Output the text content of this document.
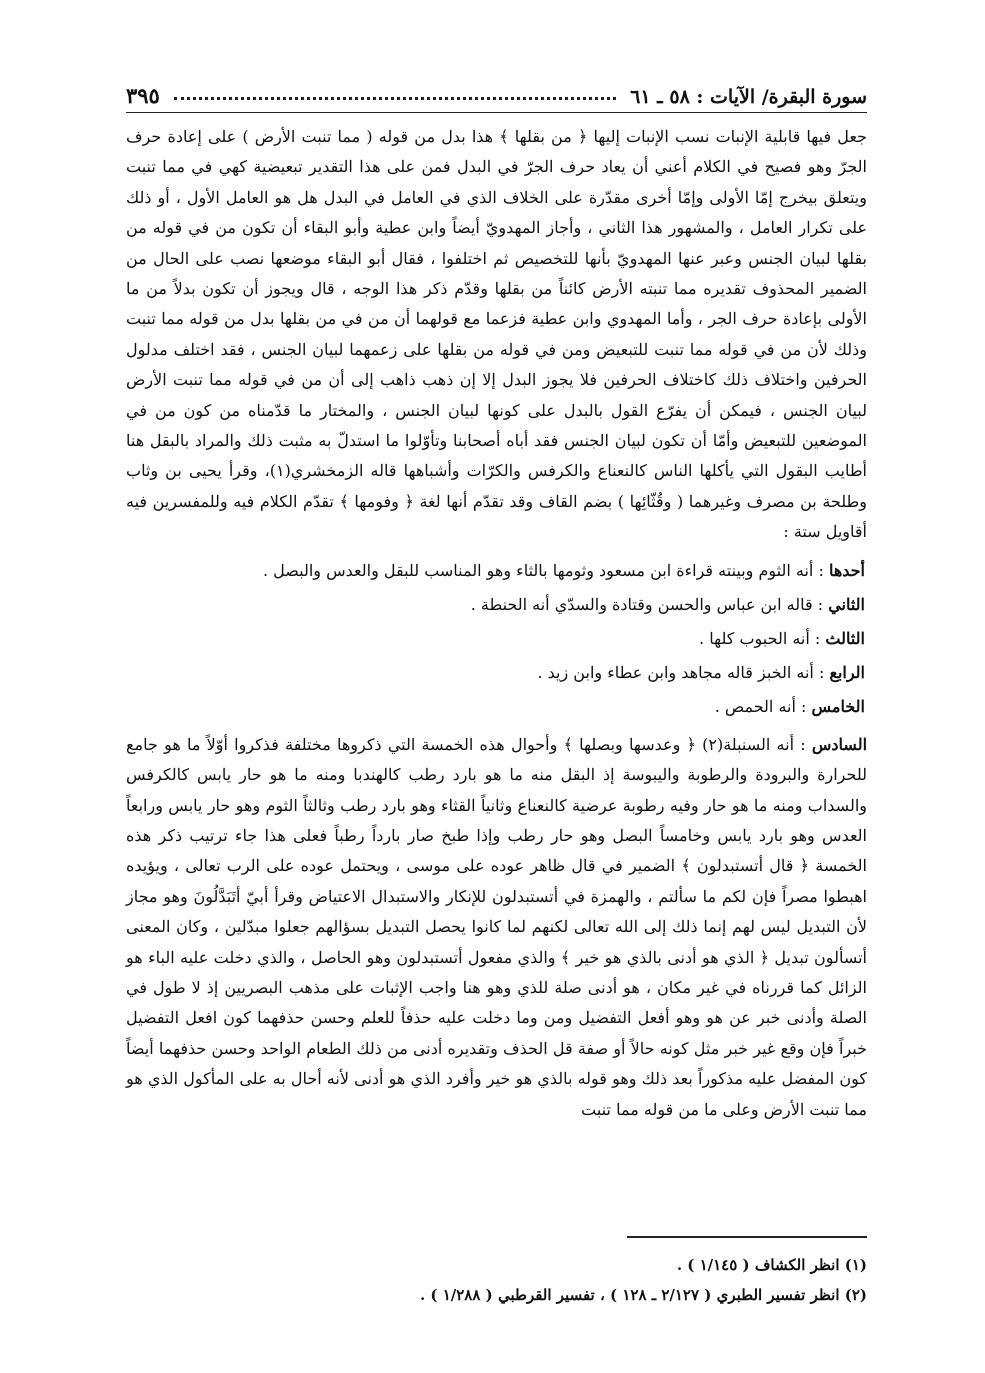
سورة البقرة/ الآيات : ٥٨ ـ ٦١
٣٩٥

جعل فيها قابلية الإنبات نسب الإنبات إليها ﴿ من بقلها ﴾ هذا بدل من قوله ( مما تنبت الأرض ) على إعادة حرف الجرّ وهو فصيح في الكلام أعني أن يعاد حرف الجرّ في البدل فمن على هذا التقدير تبعيضية كهي في مما تنبت ويتعلق بيخرج إمّا الأولى وإمّا أخرى مقدّرة على الخلاف الذي في العامل في البدل هل هو العامل الأول ، أو ذلك على تكرار العامل ، والمشهور هذا الثاني ، وأجاز المهدويّ أيضاً وابن عطية وأبو البقاء أن تكون من في قوله من بقلها لبيان الجنس وعبر عنها المهدويّ بأنها للتخصيص ثم اختلفوا ، فقال أبو البقاء موضعها نصب على الحال من الضمير المحذوف تقديره مما تنبته الأرض كائناً من بقلها وقدّم ذكر هذا الوجه ، قال ويجوز أن تكون بدلاً من ما الأولى بإعادة حرف الجر ، وأما المهدوي وابن عطية فزعما مع قولهما أن من في من بقلها بدل من قوله مما تنبت وذلك لأن من في قوله مما تنبت للتبعيض ومن في قوله من بقلها على زعمهما لبيان الجنس ، فقد اختلف مدلول الحرفين واختلاف ذلك كاختلاف الحرفين فلا يجوز البدل إلا إن ذهب ذاهب إلى أن من في قوله مما تنبت الأرض لبيان الجنس ، فيمكن أن يفرّع القول بالبدل على كونها لبيان الجنس ، والمختار ما قدّمناه من كون من في الموضعين للتبعيض وأمّا أن تكون لبيان الجنس فقد أباه أصحابنا وتأوّلوا ما استدلّ به مثبت ذلك والمراد بالبقل هنا أطايب البقول التي يأكلها الناس كالنعناع والكرفس والكرّات وأشباهها قاله الزمخشري(١)، وقرأ يحيى بن وثاب وطلحة بن مصرف وغيرهما ( وقُثّائِها ) بضم القاف وقد تقدّم أنها لغة ﴿ وفومها ﴾ تقدّم الكلام فيه وللمفسرين فيه أقاويل ستة :

أحدها : أنه الثوم وبينته قراءة ابن مسعود وثومها بالثاء وهو المناسب للبقل والعدس والبصل .
الثاني : قاله ابن عباس والحسن وقتادة والسدّي أنه الحنطة .
الثالث : أنه الحبوب كلها .
الرابع : أنه الخبز قاله مجاهد وابن عطاء وابن زيد .
الخامس : أنه الحمص .

السادس : أنه السنبلة(٢) ﴿ وعدسها وبصلها ﴾ وأحوال هذه الخمسة التي ذكروها مختلفة فذكروا أوّلاً ما هو جامع للحرارة والبرودة والرطوبة واليبوسة إذ البقل منه ما هو بارد رطب كالهندبا ومنه ما هو حار يابس كالكرفس والسداب ومنه ما هو حار وفيه رطوبة عرضية كالنعناع وثانياً القثاء وهو بارد رطب وثالثاً الثوم وهو حار يابس ورابعاً العدس وهو بارد يابس وخامساً البصل وهو حار رطب وإذا طبخ صار بارداً رطباً فعلى هذا جاء ترتيب ذكر هذه الخمسة ﴿ قال أتستبدلون ﴾ الضمير في قال ظاهر عوده على موسى ، ويحتمل عوده على الرب تعالى ، ويؤيده اهبطوا مصراً فإن لكم ما سألتم ، والهمزة في أتستبدلون للإنكار والاستبدال الاعتياض وقرأ أبيّ أتَبَدَّلُونَ وهو مجاز لأن التبديل ليس لهم إنما ذلك إلى الله تعالى لكنهم لما كانوا يحصل التبديل بسؤالهم جعلوا مبدّلين ، وكان المعنى أتسألون تبديل ﴿ الذي هو أدنى بالذي هو خير ﴾ والذي مفعول أتستبدلون وهو الحاصل ، والذي دخلت عليه الباء هو الزائل كما قررناه في غير مكان ، هو أدنى صلة للذي وهو هنا واجب الإثبات على مذهب البصريين إذ لا طول في الصلة وأدنى خبر عن هو وهو أفعل التفضيل ومن وما دخلت عليه حذفاً للعلم وحسن حذفهما كون افعل التفضيل خبراً فإن وقع غير خبر مثل كونه حالاً أو صفة قل الحذف وتقديره أدنى من ذلك الطعام الواحد وحسن حذفهما أيضاً كون المفضل عليه مذكوراً بعد ذلك وهو قوله بالذي هو خير وأفرد الذي هو أدنى لأنه أحال به على المأكول الذي هو مما تنبت الأرض وعلى ما من قوله مما تنبت

(١) انظر الكشاف ( ١/١٤٥ ) .
(٢) انظر تفسير الطبري ( ٢/١٢٧ ـ ١٢٨ ) ، تفسير القرطبي ( ١/٢٨٨ ) .
